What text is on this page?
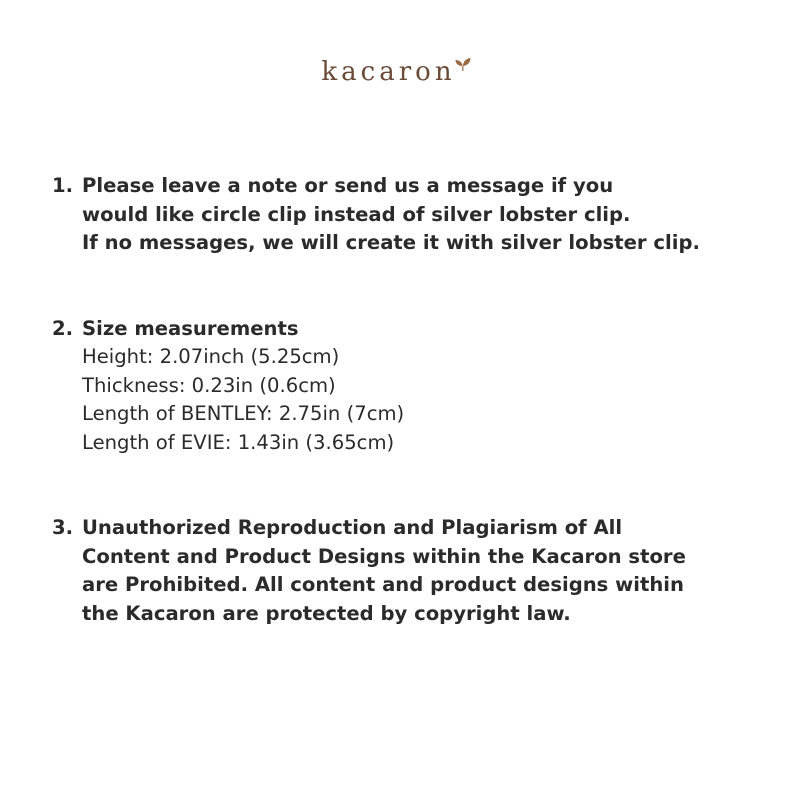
kacaron
1. Please leave a note or send us a message if you
would like circle clip instead of silver lobster clip.
If no messages, we will create it with silver lobster clip.
2. Size measurements
Height: 2.07inch (5.25cm)
Thickness: 0.23in (0.6cm)
Length of BENTLEY: 2.75in (7cm)
Length of EVIE: 1.43in (3.65cm)
3. Unauthorized Reproduction and Plagiarism of All
Content and Product Designs within the Kacaron store
are Prohibited. All content and product designs within
the Kacaron are protected by copyright law.
